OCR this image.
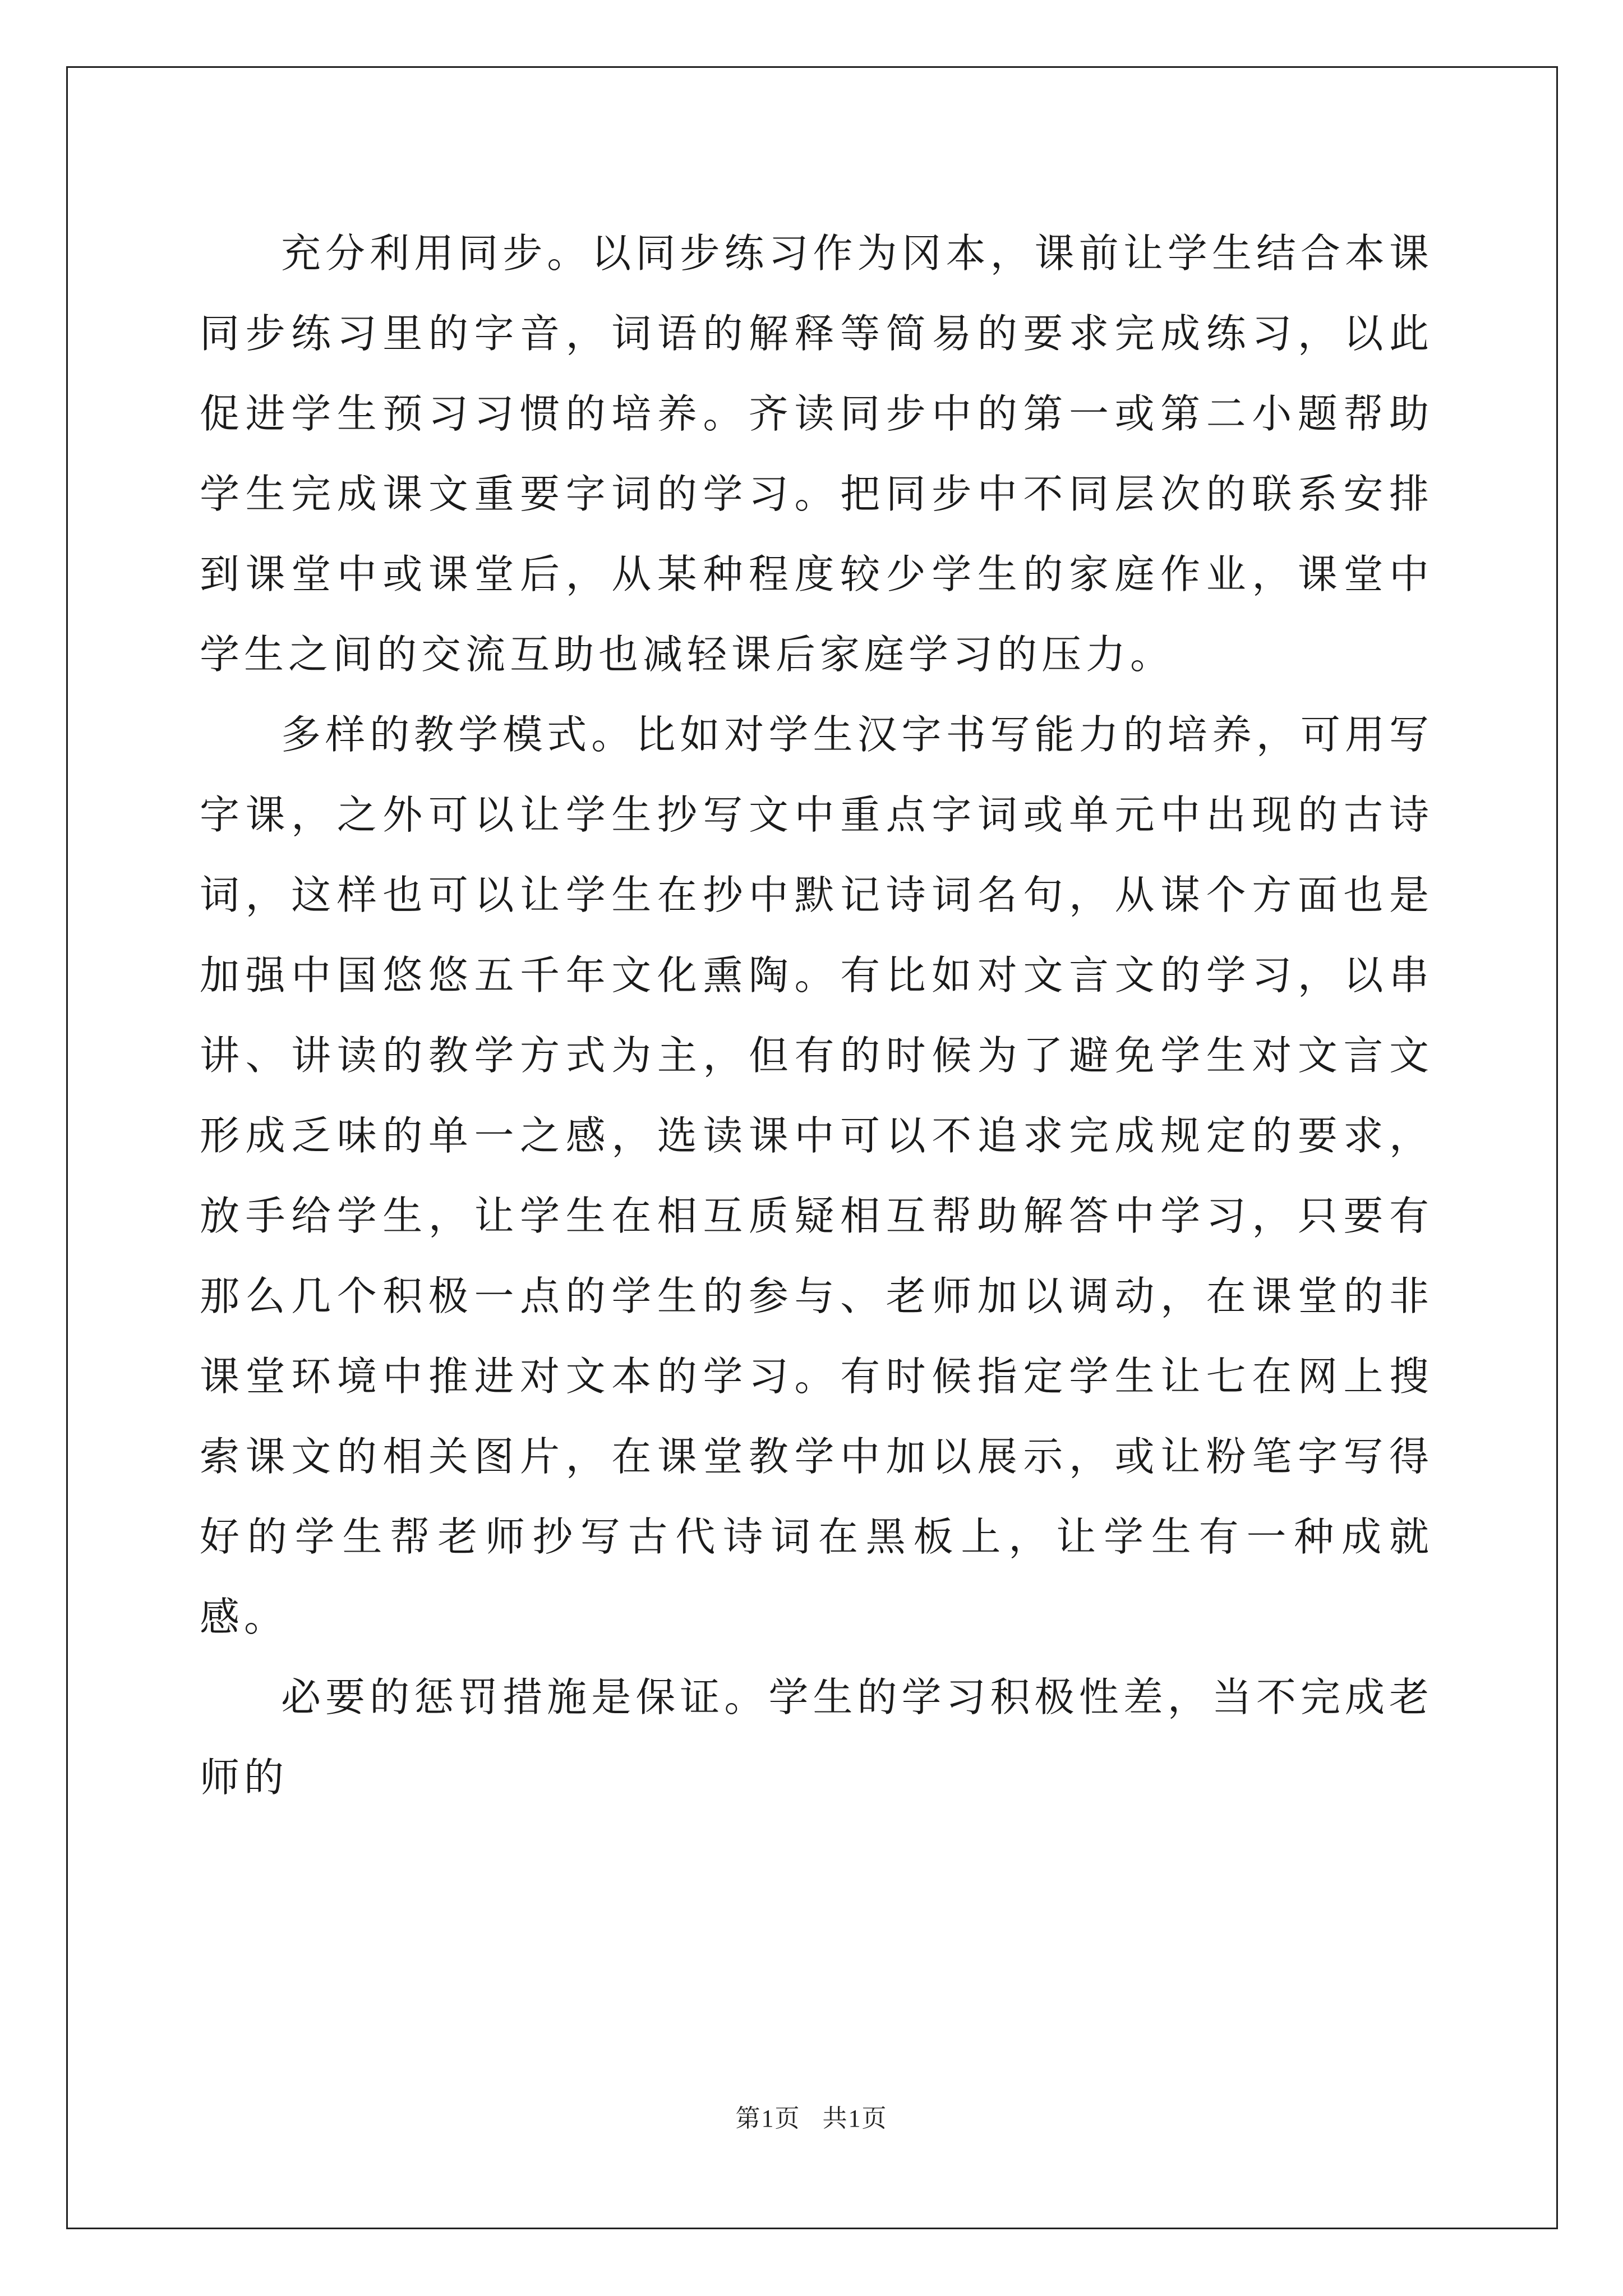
充分利用同步。以同步练习作为冈本，课前让学生结合本课同步练习里的字音，词语的解释等简易的要求完成练习，以此促进学生预习习惯的培养。齐读同步中的第一或第二小题帮助学生完成课文重要字词的学习。把同步中不同层次的联系安排到课堂中或课堂后，从某种程度较少学生的家庭作业，课堂中学生之间的交流互助也减轻课后家庭学习的压力。

多样的教学模式。比如对学生汉字书写能力的培养，可用写字课，之外可以让学生抄写文中重点字词或单元中出现的古诗词，这样也可以让学生在抄中默记诗词名句，从谋个方面也是加强中国悠悠五千年文化熏陶。有比如对文言文的学习，以串讲、讲读的教学方式为主，但有的时候为了避免学生对文言文形成乏味的单一之感，选读课中可以不追求完成规定的要求，放手给学生，让学生在相互质疑相互帮助解答中学习，只要有那么几个积极一点的学生的参与、老师加以调动，在课堂的非课堂环境中推进对文本的学习。有时候指定学生让七在网上搜索课文的相关图片，在课堂教学中加以展示，或让粉笔字写得好的学生帮老师抄写古代诗词在黑板上，让学生有一种成就感。

必要的惩罚措施是保证。学生的学习积极性差，当不完成老师的

第1页 共1页
